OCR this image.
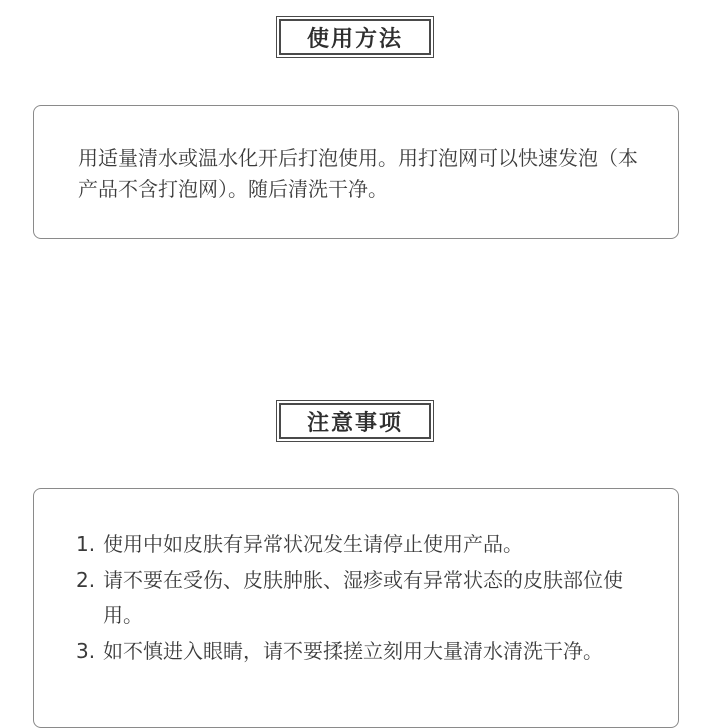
使用方法

用适量清水或温水化开后打泡使用。用打泡网可以快速发泡（本产品不含打泡网）。随后清洗干净。

注意事项
1. 使用中如皮肤有异常状况发生请停止使用产品。
2. 请不要在受伤、皮肤肿胀、湿疹或有异常状态的皮肤部位使用。
3. 如不慎进入眼睛，请不要揉搓立刻用大量清水清洗干净。
